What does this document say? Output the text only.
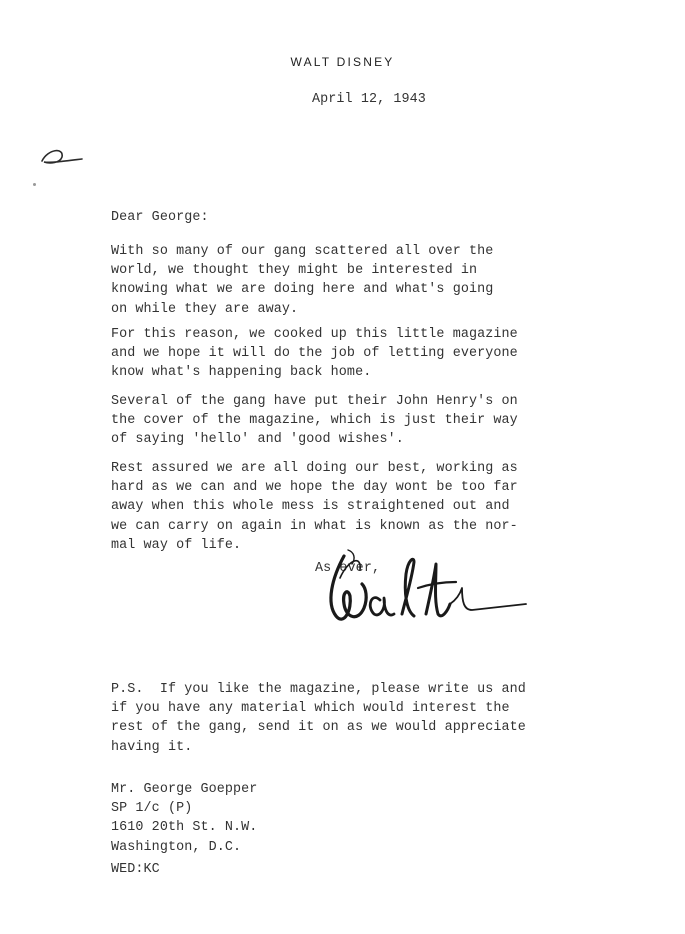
WALT DISNEY
April 12, 1943
Dear George:

With so many of our gang scattered all over the
world, we thought they might be interested in
knowing what we are doing here and what's going
on while they are away.

For this reason, we cooked up this little magazine
and we hope it will do the job of letting everyone
know what's happening back home.

Several of the gang have put their John Henry's on
the cover of the magazine, which is just their way
of saying 'hello' and 'good wishes'.

Rest assured we are all doing our best, working as
hard as we can and we hope the day wont be too far
away when this whole mess is straightened out and
we can carry on again in what is known as the nor-
mal way of life.

As ever,

P.S.  If you like the magazine, please write us and
if you have any material which would interest the
rest of the gang, send it on as we would appreciate
having it.

Mr. George Goepper
SP 1/c (P)
1610 20th St. N.W.
Washington, D.C.
WED:KC
